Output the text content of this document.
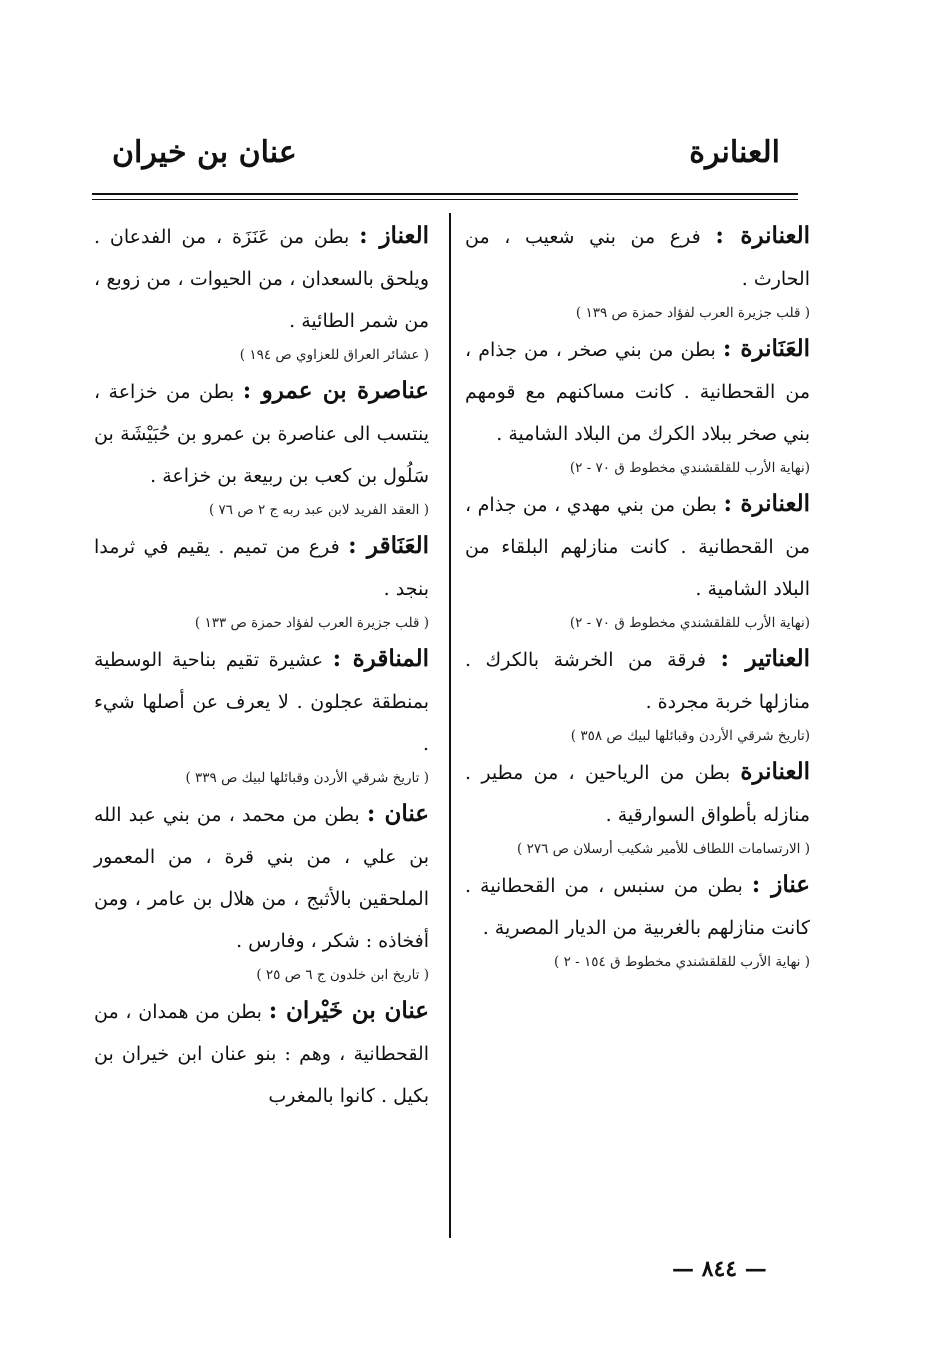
العنانرة
عنان بن خيران

العنانرة : فرع من بني شعيب ، من الحارث .

( قلب جزيرة العرب لفؤاد حمزة ص ١٣٩ )

العَنَانرة : بطن من بني صخر ، من جذام ، من القحطانية . كانت مساكنهم مع قومهم بني صخر ببلاد الكرك من البلاد الشامية .

(نهاية الأرب للقلقشندي مخطوط ق ٧٠ - ٢)

العنانرة : بطن من بني مهدي ، من جذام ، من القحطانية . كانت منازلهم البلقاء من البلاد الشامية .

(نهاية الأرب للقلقشندي مخطوط ق ٧٠ - ٢)

العناتير : فرقة من الخرشة بالكرك . منازلها خربة مجردة .

(تاريخ شرقي الأردن وقبائلها لبيك ص ٣٥٨ )

العنانرة بطن من الرياحين ، من مطير . منازله بأطواق السوارقية .

( الارتسامات اللطاف للأمير شكيب أرسلان ص ٢٧٦ )

عناز : بطن من سنبس ، من القحطانية . كانت منازلهم بالغربية من الديار المصرية .

( نهاية الأرب للقلقشندي مخطوط ق ١٥٤ - ٢ )

العناز : بطن من عَنَزَة ، من الفدعان . ويلحق بالسعدان ، من الحيوات ، من زوبع ، من شمر الطائية .

( عشائر العراق للعزاوي ص ١٩٤ )

عناصرة بن عمرو : بطن من خزاعة ، ينتسب الى عناصرة بن عمرو بن حُبَيْشَة بن سَلُول بن كعب بن ربيعة بن خزاعة .

( العقد الفريد لابن عبد ربه ج ٢ ص ٧٦ )

العَنَاقر : فرع من تميم . يقيم في ثرمدا بنجد .

( قلب جزيرة العرب لفؤاد حمزة ص ١٣٣ )

المناقرة : عشيرة تقيم بناحية الوسطية بمنطقة عجلون . لا يعرف عن أصلها شيء .

( تاريخ شرقي الأردن وقبائلها لبيك ص ٣٣٩ )

عنان : بطن من محمد ، من بني عبد الله بن علي ، من بني قرة ، من المعمور الملحقين بالأثبج ، من هلال بن عامر ، ومن أفخاذه : شكر ، وفارس .

( تاريخ ابن خلدون ج ٦ ص ٢٥ )

عنان بن خَيْران : بطن من همدان ، من القحطانية ، وهم : بنو عنان ابن خيران بن بكيل . كانوا بالمغرب

— ٨٤٤ —
